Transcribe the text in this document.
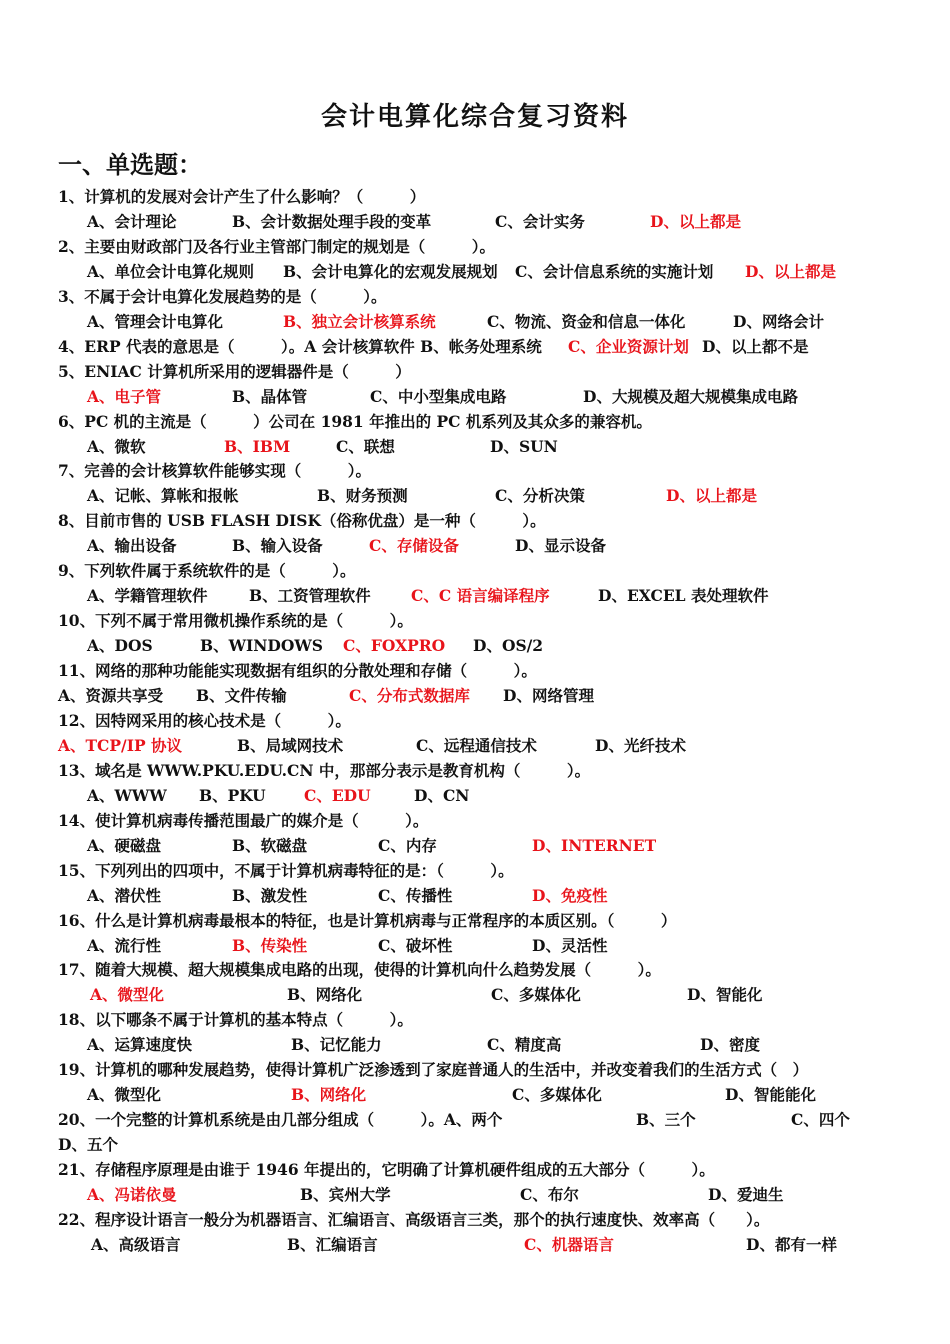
会计电算化综合复习资料
一、单选题：
1、计算机的发展对会计产生了什么影响？（　　　）
A、会计理论	B、会计数据处理手段的变革	C、会计实务	D、以上都是
2、主要由财政部门及各行业主管部门制定的规划是（　　　）。
A、单位会计电算化规则 B、会计电算化的宏观发展规划 C、会计信息系统的实施计划 D、以上都是
3、不属于会计电算化发展趋势的是（　　　）。
A、管理会计电算化	B、独立会计核算系统	C、物流、资金和信息一体化	D、网络会计
4、ERP 代表的意思是（　　　）。A 会计核算软件 B、帐务处理系统 C、企业资源计划 D、以上都不是
5、ENIAC 计算机所采用的逻辑器件是（　　　）
A、电子管	B、晶体管	C、中小型集成电路	D、大规模及超大规模集成电路
6、PC 机的主流是（　　　）公司在 1981 年推出的 PC 机系列及其众多的兼容机。
A、微软	B、IBM	C、联想	D、SUN
7、完善的会计核算软件能够实现（　　　）。
A、记帐、算帐和报帐	B、财务预测	C、分析决策	D、以上都是
8、目前市售的 USB FLASH DISK（俗称优盘）是一种（　　　）。
A、输出设备	B、输入设备	C、存储设备	D、显示设备
9、下列软件属于系统软件的是（　　　）。
A、学籍管理软件	B、工资管理软件	C、C 语言编译程序	D、EXCEL 表处理软件
10、下列不属于常用微机操作系统的是（　　　）。
A、DOS	B、WINDOWS C、FOXPRO D、OS/2
11、网络的那种功能能实现数据有组织的分散处理和存储（　　　）。
A、资源共享受 B、文件传输	C、分布式数据库 D、网络管理
12、因特网采用的核心技术是（　　　）。
A、TCP/IP 协议	B、局域网技术	C、远程通信技术	D、光纤技术
13、域名是 WWW.PKU.EDU.CN 中，那部分表示是教育机构（　　　）。
A、WWW B、PKU C、EDU	D、CN
14、使计算机病毒传播范围最广的媒介是（　　　）。
A、硬磁盘	B、软磁盘	C、内存	D、INTERNET
15、下列列出的四项中，不属于计算机病毒特征的是：（　　　）。
A、潜伏性	B、激发性	C、传播性	D、免疫性
16、什么是计算机病毒最根本的特征，也是计算机病毒与正常程序的本质区别。（　　　）
A、流行性	B、传染性	C、破坏性	D、灵活性
17、随着大规模、超大规模集成电路的出现，使得的计算机向什么趋势发展（　　　）。
A、微型化	B、网络化	C、多媒体化	D、智能化
18、以下哪条不属于计算机的基本特点（　　　）。
A、运算速度快	B、记忆能力	C、精度高	D、密度
19、计算机的哪种发展趋势，使得计算机广泛渗透到了家庭普通人的生活中，并改变着我们的生活方式（　）
A、微型化	B、网络化	C、多媒体化	D、智能能化
20、一个完整的计算机系统是由几部分组成（　　　）。A、两个	B、三个	C、四个
D、五个
21、存储程序原理是由谁于 1946 年提出的，它明确了计算机硬件组成的五大部分（　　　）。
A、冯诺依曼	B、宾州大学	C、布尔	D、爱迪生
22、程序设计语言一般分为机器语言、汇编语言、高级语言三类，那个的执行速度快、效率高（　　）。
A、高级语言	B、汇编语言	C、机器语言	D、都有一样
